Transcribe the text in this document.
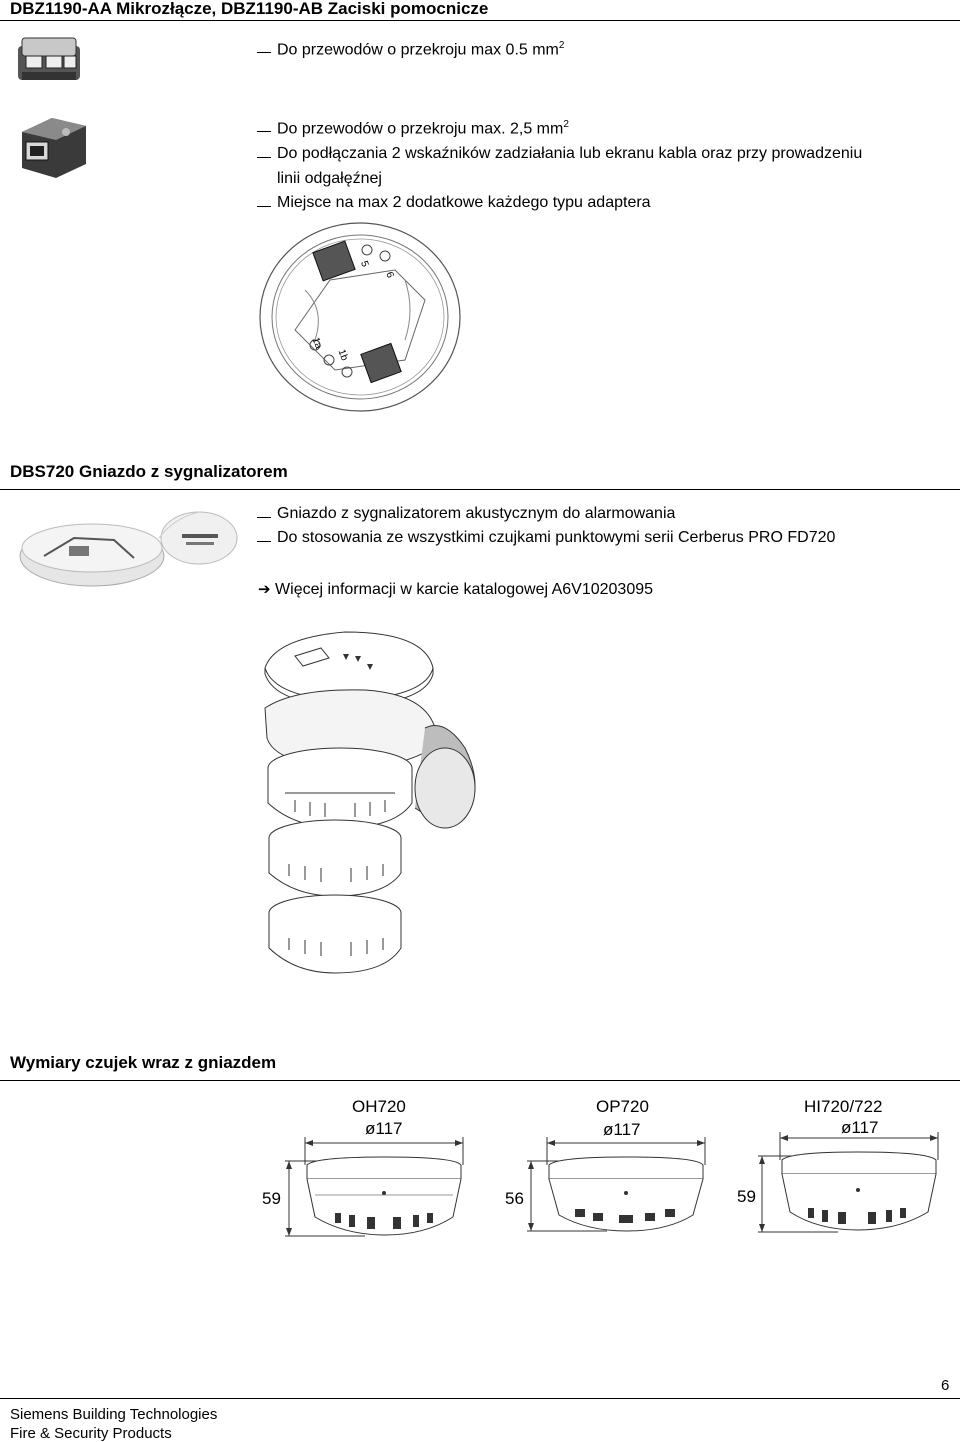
DBZ1190-AA Mikrozłącze, DBZ1190-AB Zaciski pomocnicze
Do przewodów o przekroju max 0.5 $mm^2$
Do przewodów o przekroju max. 2,5 $mm^2$
Do podłączania 2 wskaźników zadziałania lub ekranu kabla oraz przy prowadzeniu
linii odgałęźnej
Miejsce na max 2 dodatkowe każdego typu adaptera
5
6
1a
1b
DBS720 Gniazdo z sygnalizatorem
Gniazdo z sygnalizatorem akustycznym do alarmowania
Do stosowania ze wszystkimi czujkami punktowymi serii Cerberus PRO FD720
➔ Więcej informacji w karcie katalogowej A6V10203095
Wymiary czujek wraz z gniazdem
OH720
ø117
59
OP720
ø117
56
HI720/722
ø117
59
6
Siemens Building Technologies
Fire & Security Products
